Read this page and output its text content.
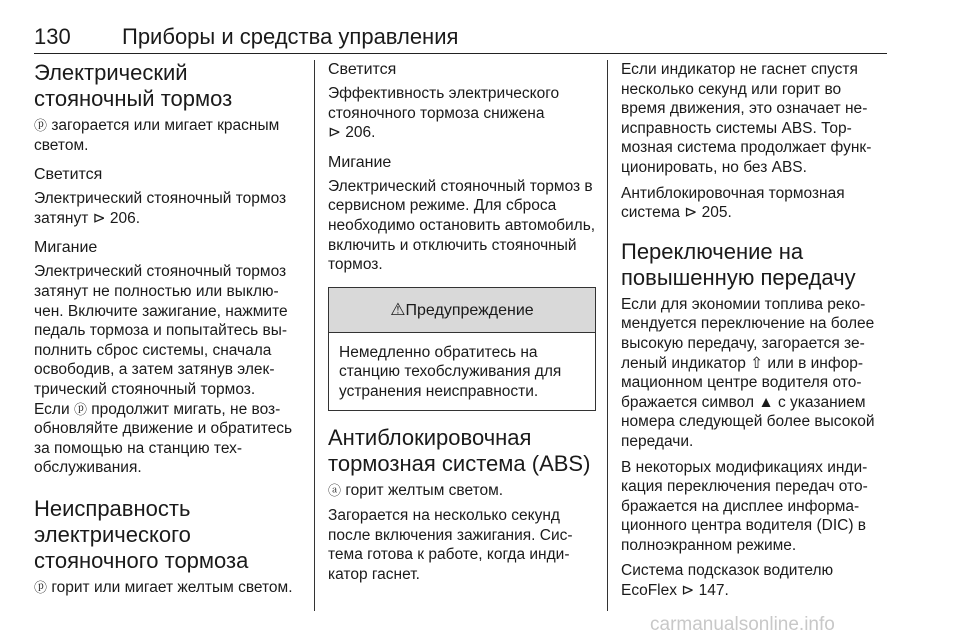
130 Приборы и средства управления
Электрический стояночный тормоз

ⓟ загорается или мигает красным светом.

Светится

Электрический стояночный тормоз затянут ⊳ 206.

Мигание

Электрический стояночный тормоз затянут не полностью или выключен. Включите зажигание, нажмите педаль тормоза и попытайтесь выполнить сброс системы, сначала освободив, а затем затянув электрический стояночный тормоз.

Если ⓟ продолжит мигать, не возобновляйте движение и обратитесь за помощью на станцию техобслуживания.

Неисправность электрического стояночного тормоза

ⓟ горит или мигает желтым светом.

Светится

Эффективность электрического стояночного тормоза снижена

⊳ 206.

Мигание

Электрический стояночный тормоз в сервисном режиме. Для сброса необходимо остановить автомобиль, включить и отключить стояночный тормоз.

⚠Предупреждение
Немедленно обратитесь на станцию техобслуживания для устранения неисправности.
Антиблокировочная тормозная система (ABS)

ⓐ горит желтым светом.

Загорается на несколько секунд после включения зажигания. Система готова к работе, когда индикатор гаснет.

Если индикатор не гаснет спустя несколько секунд или горит во время движения, это означает неисправность системы ABS. Тормозная система продолжает функционировать, но без ABS.

Антиблокировочная тормозная система ⊳ 205.

Переключение на повышенную передачу

Если для экономии топлива рекомендуется переключение на более высокую передачу, загорается зеленый индикатор ⇧ или в информационном центре водителя отображается символ ▲ с указанием номера следующей более высокой передачи.

В некоторых модификациях индикация переключения передач отображается на дисплее информационного центра водителя (DIC) в полноэкранном режиме.

Система подсказок водителю EcoFlex ⊳ 147.

carmanualsonline.info
